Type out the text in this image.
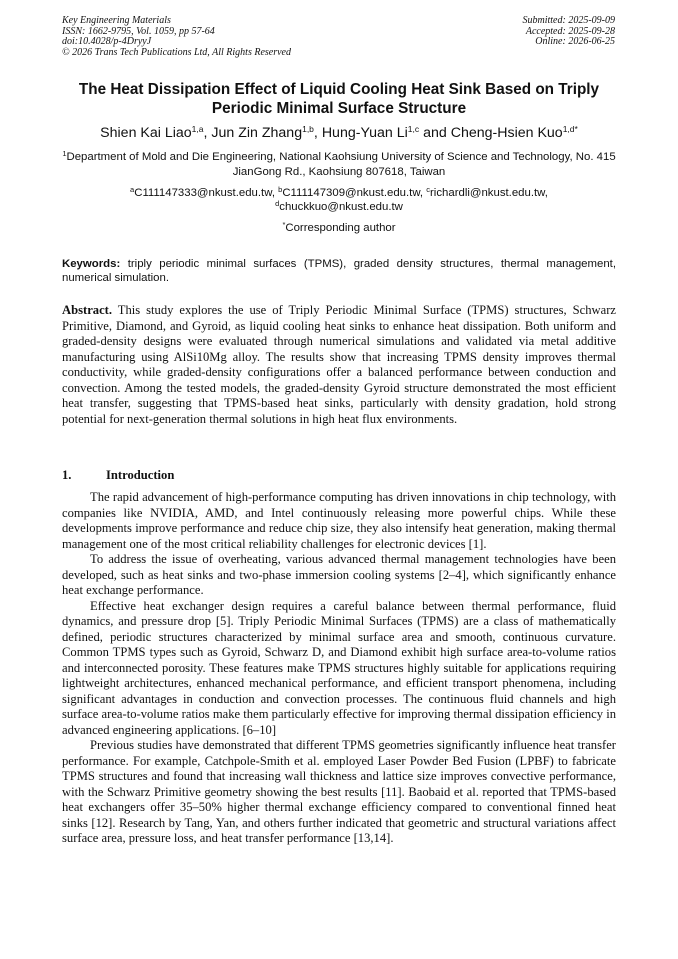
Key Engineering Materials
ISSN: 1662-9795, Vol. 1059, pp 57-64
doi:10.4028/p-4DryyJ
© 2026 Trans Tech Publications Ltd, All Rights Reserved
Submitted: 2025-09-09
Accepted: 2025-09-28
Online: 2026-06-25
The Heat Dissipation Effect of Liquid Cooling Heat Sink Based on Triply Periodic Minimal Surface Structure
Shien Kai Liao$^{1,a}$, Jun Zin Zhang$^{1,b}$, Hung-Yuan Li$^{1,c}$ and Cheng-Hsien Kuo$^{1,d*}$
$^1$Department of Mold and Die Engineering, National Kaohsiung University of Science and Technology, No. 415 JianGong Rd., Kaohsiung 807618, Taiwan
$^a$C111147333@nkust.edu.tw, $^b$C111147309@nkust.edu.tw, $^c$richardli@nkust.edu.tw,
$^d$chuckkuo@nkust.edu.tw
*Corresponding author
Keywords: triply periodic minimal surfaces (TPMS), graded density structures, thermal management, numerical simulation.
Abstract. This study explores the use of Triply Periodic Minimal Surface (TPMS) structures, Schwarz Primitive, Diamond, and Gyroid, as liquid cooling heat sinks to enhance heat dissipation. Both uniform and graded-density designs were evaluated through numerical simulations and validated via metal additive manufacturing using AlSi10Mg alloy. The results show that increasing TPMS density improves thermal conductivity, while graded-density configurations offer a balanced performance between conduction and convection. Among the tested models, the graded-density Gyroid structure demonstrated the most efficient heat transfer, suggesting that TPMS-based heat sinks, particularly with density gradation, hold strong potential for next-generation thermal solutions in high heat flux environments.
1.	Introduction

The rapid advancement of high-performance computing has driven innovations in chip technology, with companies like NVIDIA, AMD, and Intel continuously releasing more powerful chips. While these developments improve performance and reduce chip size, they also intensify heat generation, making thermal management one of the most critical reliability challenges for electronic devices [1].

To address the issue of overheating, various advanced thermal management technologies have been developed, such as heat sinks and two-phase immersion cooling systems [2–4], which significantly enhance heat exchange performance.

Effective heat exchanger design requires a careful balance between thermal performance, fluid dynamics, and pressure drop [5]. Triply Periodic Minimal Surfaces (TPMS) are a class of mathematically defined, periodic structures characterized by minimal surface area and smooth, continuous curvature. Common TPMS types such as Gyroid, Schwarz D, and Diamond exhibit high surface area-to-volume ratios and interconnected porosity. These features make TPMS structures highly suitable for applications requiring lightweight architectures, enhanced mechanical performance, and efficient transport phenomena, including significant advantages in conduction and convection processes. The continuous fluid channels and high surface area-to-volume ratios make them particularly effective for improving thermal dissipation efficiency in advanced engineering applications. [6–10]

Previous studies have demonstrated that different TPMS geometries significantly influence heat transfer performance. For example, Catchpole-Smith et al. employed Laser Powder Bed Fusion (LPBF) to fabricate TPMS structures and found that increasing wall thickness and lattice size improves convective performance, with the Schwarz Primitive geometry showing the best results [11]. Baobaid et al. reported that TPMS-based heat exchangers offer 35–50% higher thermal exchange efficiency compared to conventional finned heat sinks [12]. Research by Tang, Yan, and others further indicated that geometric and structural variations affect surface area, pressure loss, and heat transfer performance [13,14].
